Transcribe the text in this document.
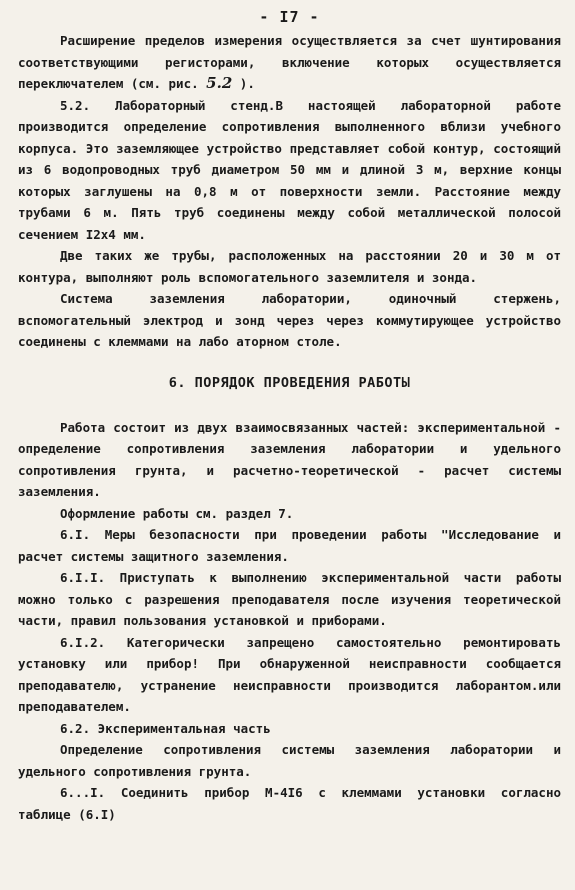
- I7 -

Расширение пределов измерения осуществляется за счет шунтирования соответствующими регисторами, включение которых осуществляется переключателем (см. рис. 5.2 ).

5.2. Лабораторный стенд.В настоящей лабораторной работе производится определение сопротивления выполненного вблизи учебного корпуса. Это заземляющее устройство представляет собой контур, состоящий из 6 водопроводных труб диаметром 50 мм и длиной 3 м, верхние концы которых заглушены на 0,8 м от поверхности земли. Расстояние между трубами 6 м. Пять труб соединены между собой металлической полосой сечением I2x4 мм.

Две таких же трубы, расположенных на расстоянии 20 и 30 м от контура, выполняют роль вспомогательного заземлителя и зонда.

Система заземления лаборатории, одиночный стержень, вспомогательный электрод и зонд через через коммутирующее устройство соединены с клеммами на лабо аторном столе.

6. ПОРЯДОК ПРОВЕДЕНИЯ РАБОТЫ

Работа состоит из двух взаимосвязанных частей: экспериментальной - определение сопротивления заземления лаборатории и удельного сопротивления грунта, и расчетно-теоретической - расчет системы заземления.

Оформление работы см. раздел 7.

6.I. Меры безопасности при проведении работы "Исследование и расчет системы защитного заземления.

6.I.I. Приступать к выполнению экспериментальной части работы можно только с разрешения преподавателя после изучения теоретической части, правил пользования установкой и приборами.

6.I.2. Категорически запрещено самостоятельно ремонтировать установку или прибор! При обнаруженной неисправности сообщается преподавателю, устранение неисправности производится лаборантом.или преподавателем.

6.2. Экспериментальная часть

Определение сопротивления системы заземления лаборатории и удельного сопротивления грунта.

6...I. Соединить прибор М-4I6 с клеммами установки согласно таблице (6.I)
